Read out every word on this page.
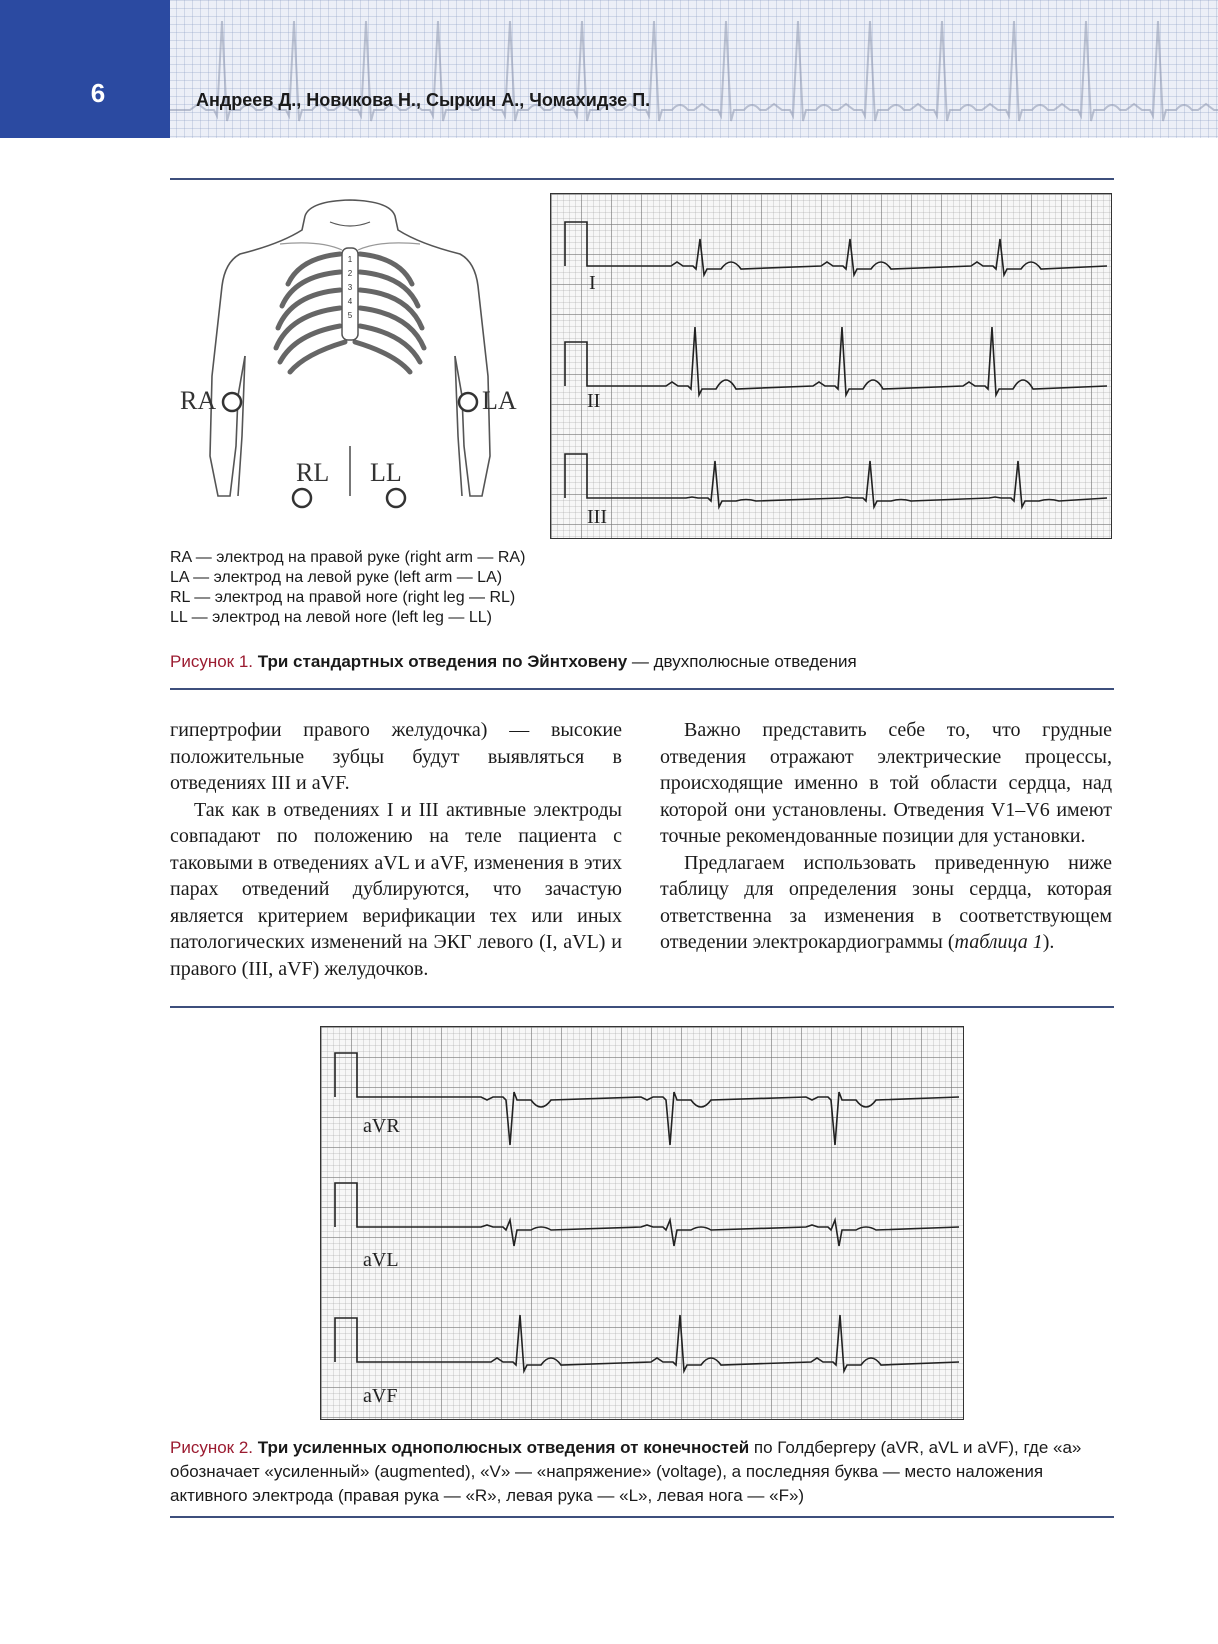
6	Андреев Д., Новикова Н., Сыркин А., Чомахидзе П.
1
2
3
4
5
RA	LA
RL LL
I
II
III
RA — электрод на правой руке (right arm — RA)
LA — электрод на левой руке (left arm — LA)
RL — электрод на правой ноге (right leg — RL)
LL — электрод на левой ноге (left leg — LL)
Рисунок 1. Три стандартных отведения по Эйнтховену — двухполюсные отведения

гипертрофии правого желудочка) — высокие положительные зубцы будут выявляться в отведениях III и aVF.

Так как в отведениях I и III активные электроды совпадают по положению на теле пациента с таковыми в отведениях aVL и aVF, изменения в этих парах отведений дублируются, что зачастую является критерием верификации тех или иных патологических изменений на ЭКГ левого (I, aVL) и правого (III, aVF) желудочков.

Важно представить себе то, что грудные отведения отражают электрические процессы, происходящие именно в той области сердца, над которой они установлены. Отведения V1–V6 имеют точные рекомендованные позиции для установки.

Предлагаем использовать приведенную ниже таблицу для определения зоны сердца, которая ответственна за изменения в соответствующем отведении электрокардиограммы (таблица 1).

aVR
aVL
aVF
Рисунок 2. Три усиленных однополюсных отведения от конечностей по Голдбергеру (aVR, aVL и aVF), где «а» обозначает «усиленный» (augmented), «V» — «напряжение» (voltage), а последняя буква — место наложения активного электрода (правая рука — «R», левая рука — «L», левая нога — «F»)
